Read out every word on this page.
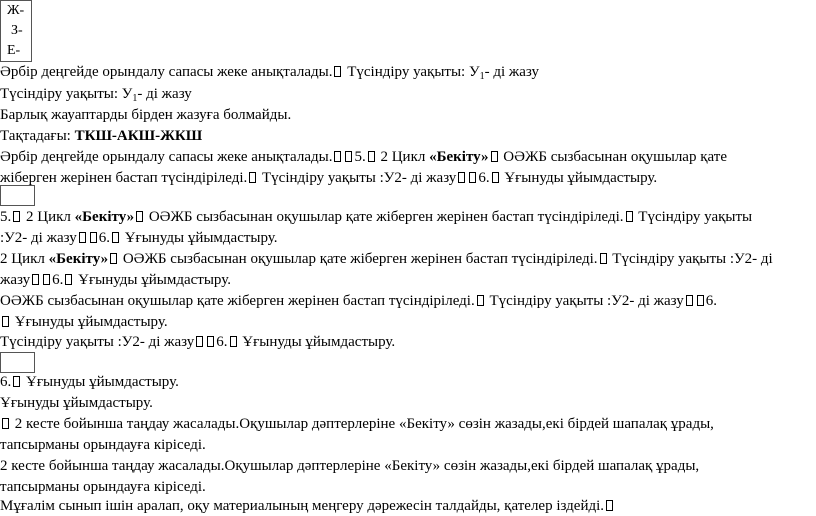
Ж-
З-
Е-
Әрбір деңгейде орындалу сапасы жеке анықталады. Түсіндіру уақыты: $У_1-$ ді жазу
Түсіндіру уақыты: $У_1-$ ді жазу
Барлық жауаптарды бірден жазуға болмайды.
Тақтадағы: ТКШ-АКШ-ЖКШ
Әрбір деңгейде орындалу сапасы жеке анықталады. 5. 2 Цикл «Бекіту» ОӘЖБ сызбасынан оқушылар қате
жіберген жерінен бастап түсіндіріледі. Түсіндіру уақыты :У2- ді жазу 6. Ұғынуды ұйымдастыру.
5. 2 Цикл «Бекіту» ОӘЖБ сызбасынан оқушылар қате жіберген жерінен бастап түсіндіріледі. Түсіндіру уақыты
:У2- ді жазу 6. Ұғынуды ұйымдастыру.
2 Цикл «Бекіту» ОӘЖБ сызбасынан оқушылар қате жіберген жерінен бастап түсіндіріледі. Түсіндіру уақыты :У2- ді
жазу 6. Ұғынуды ұйымдастыру.
ОӘЖБ сызбасынан оқушылар қате жіберген жерінен бастап түсіндіріледі. Түсіндіру уақыты :У2- ді жазу 6.
Ұғынуды ұйымдастыру.
Түсіндіру уақыты :У2- ді жазу 6. Ұғынуды ұйымдастыру.
6. Ұғынуды ұйымдастыру.
Ұғынуды ұйымдастыру.
2 кесте бойынша таңдау жасалады.Оқушылар дәптерлеріне «Бекіту» сөзін жазады,екі бірдей шапалақ ұрады,
тапсырманы орындауға кіріседі.
2 кесте бойынша таңдау жасалады.Оқушылар дәптерлеріне «Бекіту» сөзін жазады,екі бірдей шапалақ ұрады,
тапсырманы орындауға кіріседі.
Мұғалім сынып ішін аралап, оқу материалының меңгеру дәрежесін талдайды, қателер іздейді.
